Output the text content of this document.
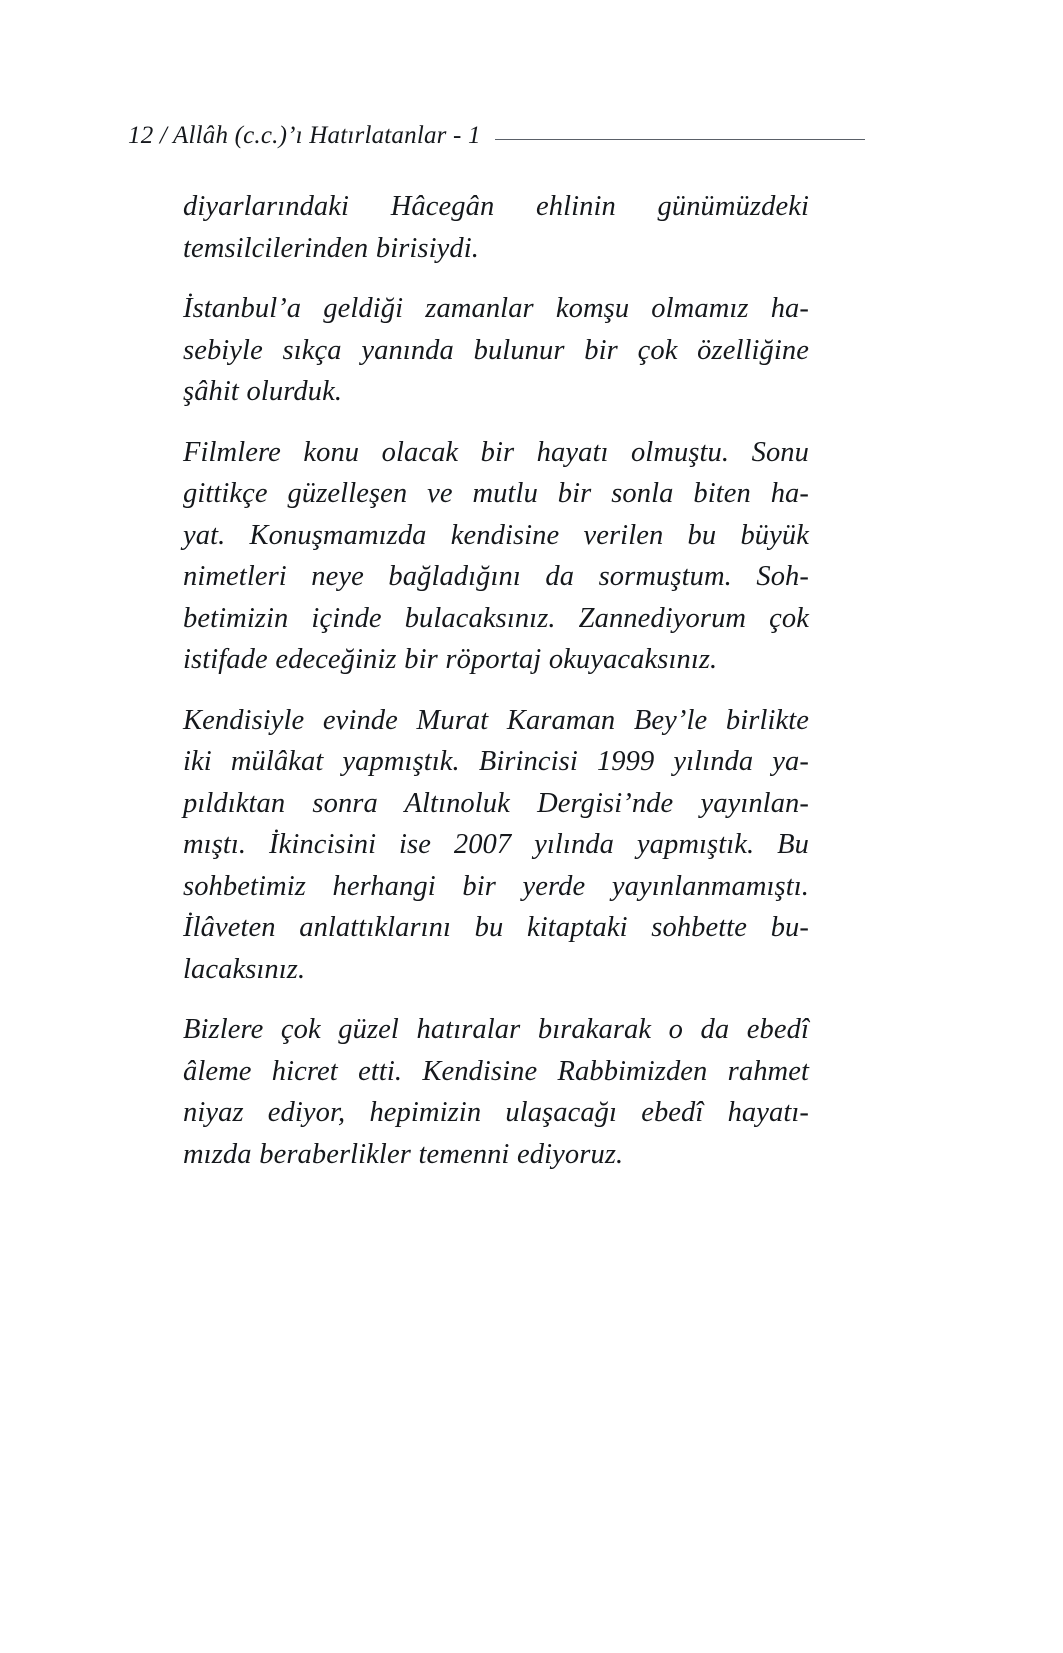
12 / Allâh (c.c.)’ı Hatırlatanlar - 1

diyarlarındaki Hâcegân ehlinin günümüzdeki
temsilcilerinden birisiydi.

İstanbul’a geldiği zamanlar komşu olmamız ha-
sebiyle sıkça yanında bulunur bir çok özelliğine
şâhit olurduk.

Filmlere konu olacak bir hayatı olmuştu. Sonu
gittikçe güzelleşen ve mutlu bir sonla biten ha-
yat. Konuşmamızda kendisine verilen bu büyük
nimetleri neye bağladığını da sormuştum. Soh-
betimizin içinde bulacaksınız. Zannediyorum çok
istifade edeceğiniz bir röportaj okuyacaksınız.

Kendisiyle evinde Murat Karaman Bey’le birlikte
iki mülâkat yapmıştık. Birincisi 1999 yılında ya-
pıldıktan sonra Altınoluk Dergisi’nde yayınlan-
mıştı. İkincisini ise 2007 yılında yapmıştık. Bu
sohbetimiz herhangi bir yerde yayınlanmamıştı.
İlâveten anlattıklarını bu kitaptaki sohbette bu-
lacaksınız.

Bizlere çok güzel hatıralar bırakarak o da ebedî
âleme hicret etti. Kendisine Rabbimizden rahmet
niyaz ediyor, hepimizin ulaşacağı ebedî hayatı-
mızda beraberlikler temenni ediyoruz.
